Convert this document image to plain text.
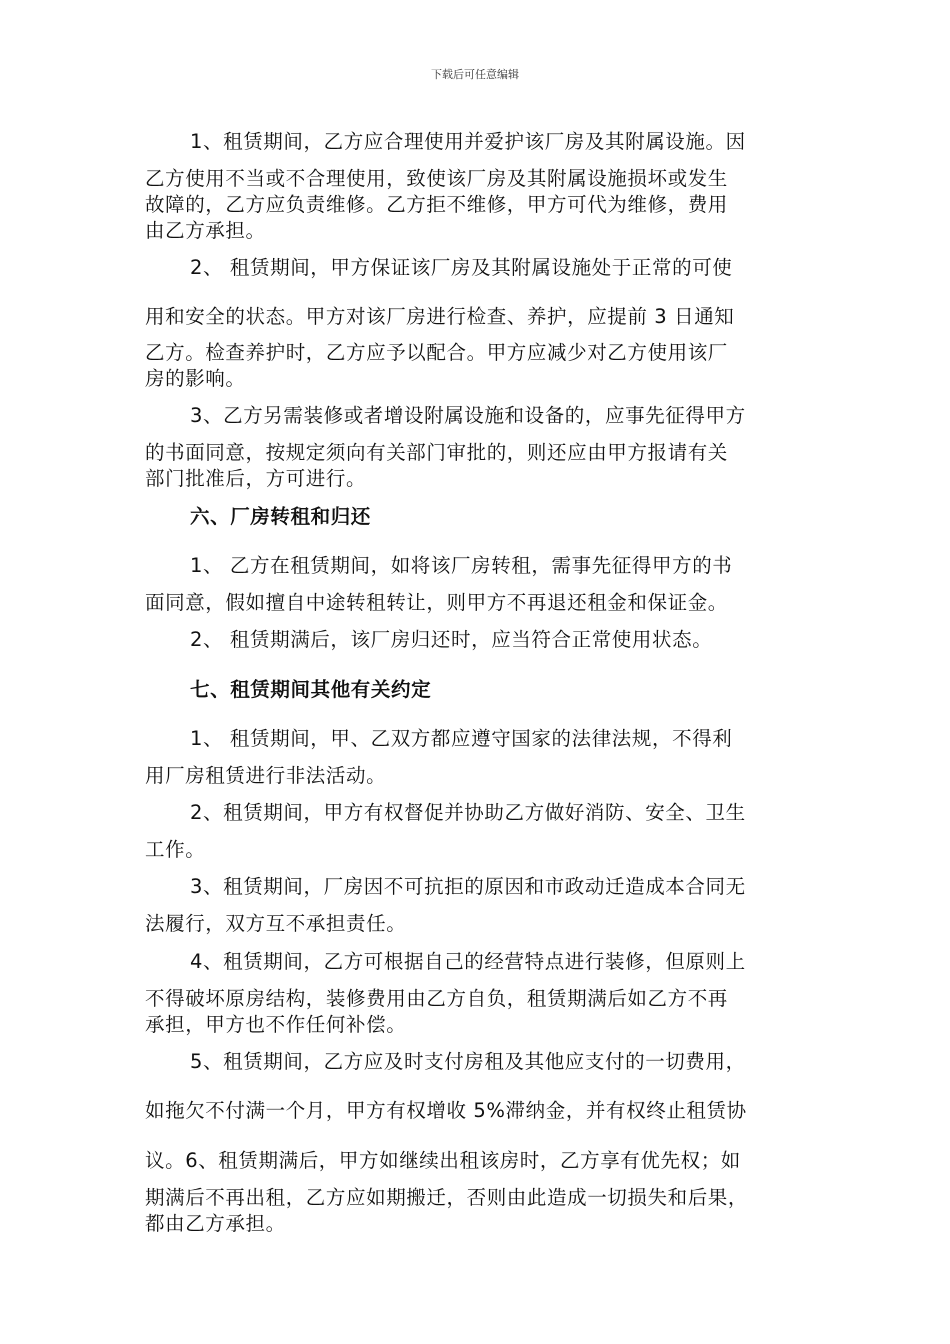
下载后可任意编辑
1、租赁期间，乙方应合理使用并爱护该厂房及其附属设施。因
乙方使用不当或不合理使用，致使该厂房及其附属设施损坏或发生
故障的，乙方应负责维修。乙方拒不维修，甲方可代为维修，费用
由乙方承担。
2、 租赁期间，甲方保证该厂房及其附属设施处于正常的可使
用和安全的状态。甲方对该厂房进行检查、养护，应提前 3 日通知
乙方。检查养护时，乙方应予以配合。甲方应减少对乙方使用该厂
房的影响。
3、乙方另需装修或者增设附属设施和设备的，应事先征得甲方
的书面同意，按规定须向有关部门审批的，则还应由甲方报请有关
部门批准后，方可进行。
六、厂房转租和归还
1、 乙方在租赁期间，如将该厂房转租，需事先征得甲方的书
面同意，假如擅自中途转租转让，则甲方不再退还租金和保证金。
2、 租赁期满后，该厂房归还时，应当符合正常使用状态。
七、租赁期间其他有关约定
1、 租赁期间，甲、乙双方都应遵守国家的法律法规，不得利
用厂房租赁进行非法活动。
2、租赁期间，甲方有权督促并协助乙方做好消防、安全、卫生
工作。
3、租赁期间，厂房因不可抗拒的原因和市政动迁造成本合同无
法履行，双方互不承担责任。
4、租赁期间，乙方可根据自己的经营特点进行装修，但原则上
不得破坏原房结构，装修费用由乙方自负，租赁期满后如乙方不再
承担，甲方也不作任何补偿。
5、租赁期间，乙方应及时支付房租及其他应支付的一切费用，
如拖欠不付满一个月，甲方有权增收 5%滞纳金，并有权终止租赁协
议。6、租赁期满后，甲方如继续出租该房时，乙方享有优先权；如
期满后不再出租，乙方应如期搬迁，否则由此造成一切损失和后果，
都由乙方承担。
